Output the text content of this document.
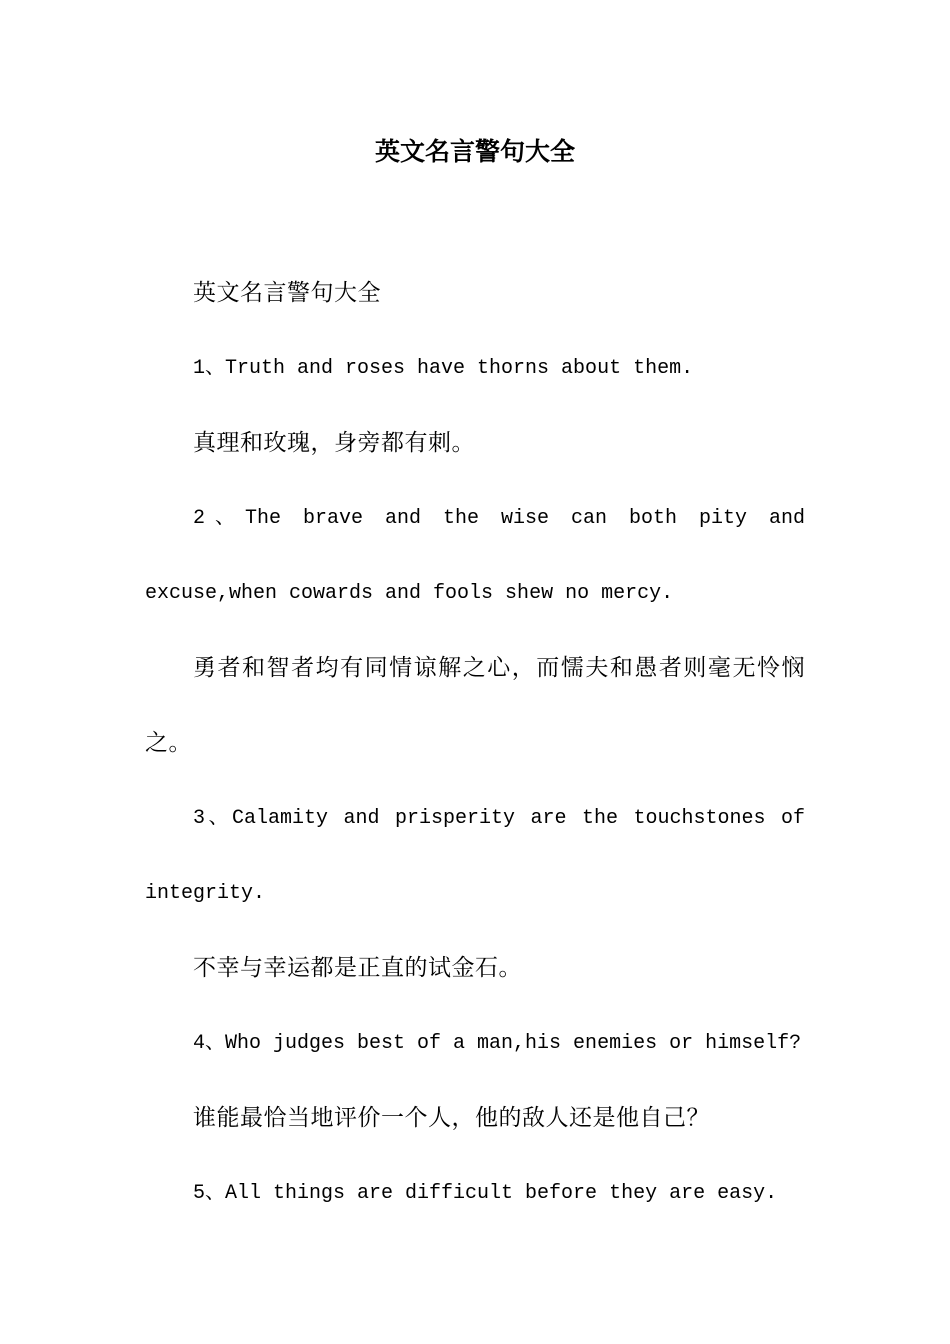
英文名言警句大全

英文名言警句大全

1、Truth and roses have thorns about them.

真理和玫瑰，身旁都有刺。

2、The brave and the wise can both pity and excuse,when cowards and fools shew no mercy.

勇者和智者均有同情谅解之心，而懦夫和愚者则毫无怜悯之。

3、Calamity and prisperity are the touchstones of integrity.

不幸与幸运都是正直的试金石。

4、Who judges best of a man,his enemies or himself?

谁能最恰当地评价一个人，他的敌人还是他自己？

5、All things are difficult before they are easy.
